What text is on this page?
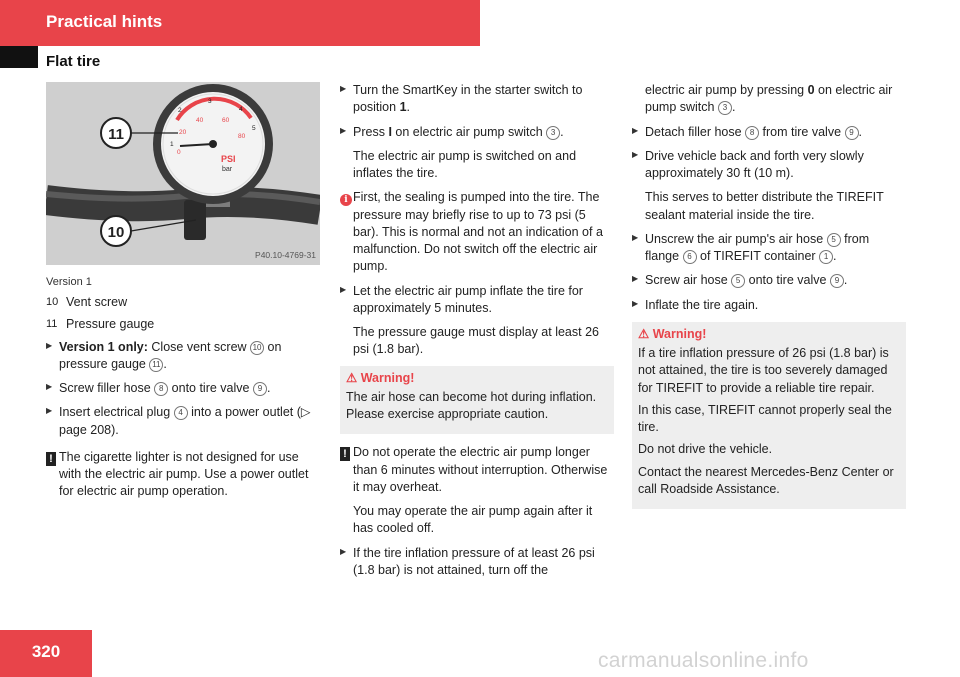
Practical hints
Flat tire
PSI
bar
0
20
40	60
80
1
2
3
4
5
11
10
P40.10-4769-31
Version 1
10 Vent screw
11 Pressure gauge
▶ Version 1 only: Close vent screw 10 on pressure gauge 11 .
▶ Screw filler hose 8 onto tire valve 9 .
▶ Insert electrical plug 4 into a power outlet (▷ page 208).
! The cigarette lighter is not designed for use with the electric air pump. Use a power outlet for electric air pump operation.
▶ Turn the SmartKey in the starter switch to position 1.
▶ Press I on electric air pump switch 3 .
The electric air pump is switched on and inflates the tire.
i First, the sealing is pumped into the tire. The pressure may briefly rise to up to 73 psi (5 bar). This is normal and not an indication of a malfunction. Do not switch off the electric air pump.
▶ Let the electric air pump inflate the tire for approximately 5 minutes.
The pressure gauge must display at least 26 psi (1.8 bar).
⚠ Warning!

The air hose can become hot during inflation. Please exercise appropriate caution.

! Do not operate the electric air pump longer than 6 minutes without interruption. Otherwise it may overheat.
You may operate the air pump again after it has cooled off.
▶ If the tire inflation pressure of at least 26 psi (1.8 bar) is not attained, turn off the
electric air pump by pressing 0 on electric air pump switch 3 .
▶ Detach filler hose 8 from tire valve 9 .
▶ Drive vehicle back and forth very slowly approximately 30 ft (10 m).
This serves to better distribute the TIREFIT sealant material inside the tire.
▶ Unscrew the air pump's air hose 5 from flange 6 of TIREFIT container 1 .
▶ Screw air hose 5 onto tire valve 9 .
▶ Inflate the tire again.
⚠ Warning!

If a tire inflation pressure of 26 psi (1.8 bar) is not attained, the tire is too severely damaged for TIREFIT to provide a reliable tire repair.

In this case, TIREFIT cannot properly seal the tire.

Do not drive the vehicle.

Contact the nearest Mercedes-Benz Center or call Roadside Assistance.

320	carmanualsonline.info
